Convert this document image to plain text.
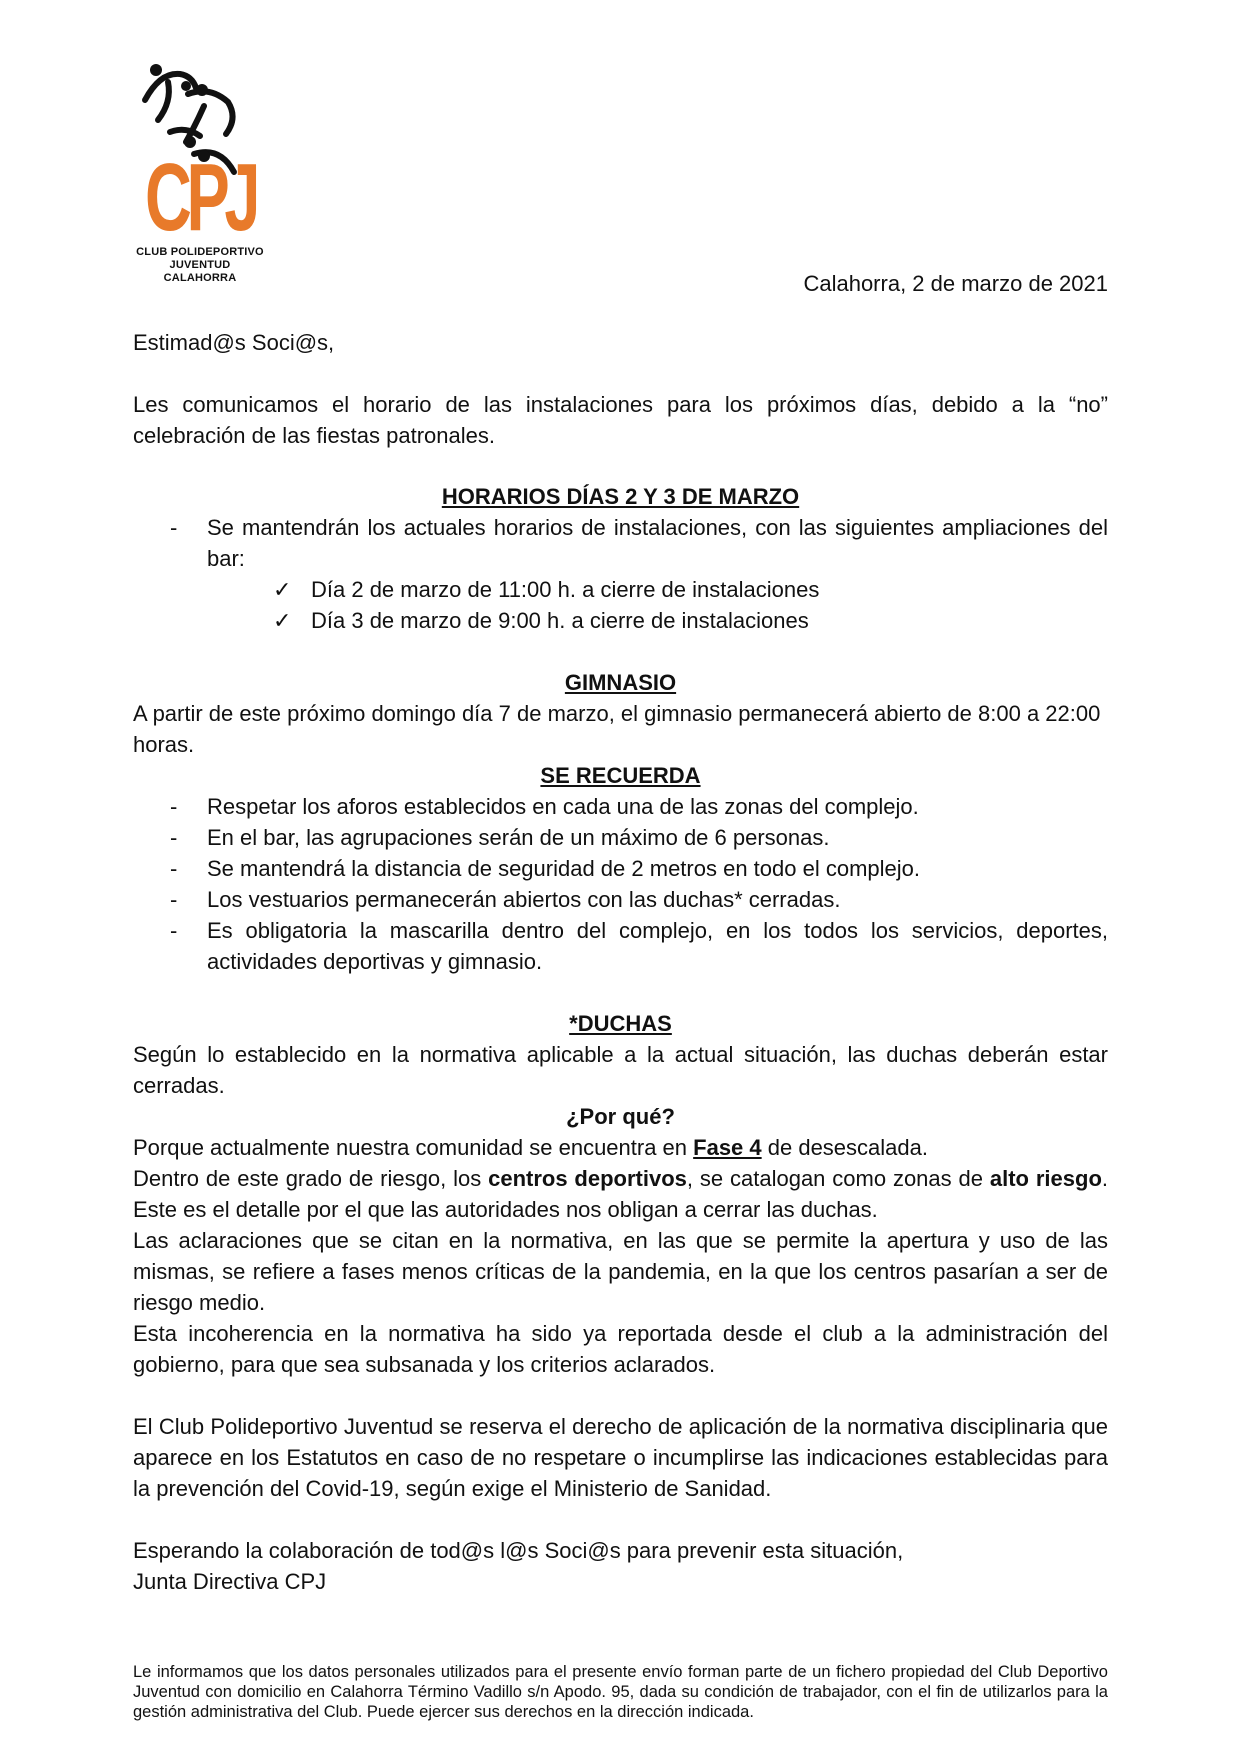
CPJ
CLUB POLIDEPORTIVO
JUVENTUD
CALAHORRA	Calahorra, 2 de marzo de 2021
Estimad@s Soci@s,
Les comunicamos el horario de las instalaciones para los próximos días, debido a la “no” celebración de las fiestas patronales.
HORARIOS DÍAS 2 Y 3 DE MARZO
- Se mantendrán los actuales horarios de instalaciones, con las siguientes ampliaciones del bar:
✓ Día 2 de marzo de 11:00 h. a cierre de instalaciones
✓ Día 3 de marzo de 9:00 h. a cierre de instalaciones
GIMNASIO
A partir de este próximo domingo día 7 de marzo, el gimnasio permanecerá abierto de 8:00 a 22:00 horas.
SE RECUERDA
- Respetar los aforos establecidos en cada una de las zonas del complejo.
- En el bar, las agrupaciones serán de un máximo de 6 personas.
- Se mantendrá la distancia de seguridad de 2 metros en todo el complejo.
- Los vestuarios permanecerán abiertos con las duchas* cerradas.
- Es obligatoria la mascarilla dentro del complejo, en los todos los servicios, deportes, actividades deportivas y gimnasio.
*DUCHAS
Según lo establecido en la normativa aplicable a la actual situación, las duchas deberán estar cerradas.
¿Por qué?
Porque actualmente nuestra comunidad se encuentra en Fase 4 de desescalada.
Dentro de este grado de riesgo, los centros deportivos, se catalogan como zonas de alto riesgo. Este es el detalle por el que las autoridades nos obligan a cerrar las duchas.
Las aclaraciones que se citan en la normativa, en las que se permite la apertura y uso de las mismas, se refiere a fases menos críticas de la pandemia, en la que los centros pasarían a ser de riesgo medio.
Esta incoherencia en la normativa ha sido ya reportada desde el club a la administración del gobierno, para que sea subsanada y los criterios aclarados.
El Club Polideportivo Juventud se reserva el derecho de aplicación de la normativa disciplinaria que aparece en los Estatutos en caso de no respetare o incumplirse las indicaciones establecidas para la prevención del Covid-19, según exige el Ministerio de Sanidad.
Esperando la colaboración de tod@s l@s Soci@s para prevenir esta situación,
Junta Directiva CPJ
Le informamos que los datos personales utilizados para el presente envío forman parte de un fichero propiedad del Club Deportivo Juventud con domicilio en Calahorra Término Vadillo s/n Apodo. 95, dada su condición de trabajador, con el fin de utilizarlos para la gestión administrativa del Club. Puede ejercer sus derechos en la dirección indicada.
